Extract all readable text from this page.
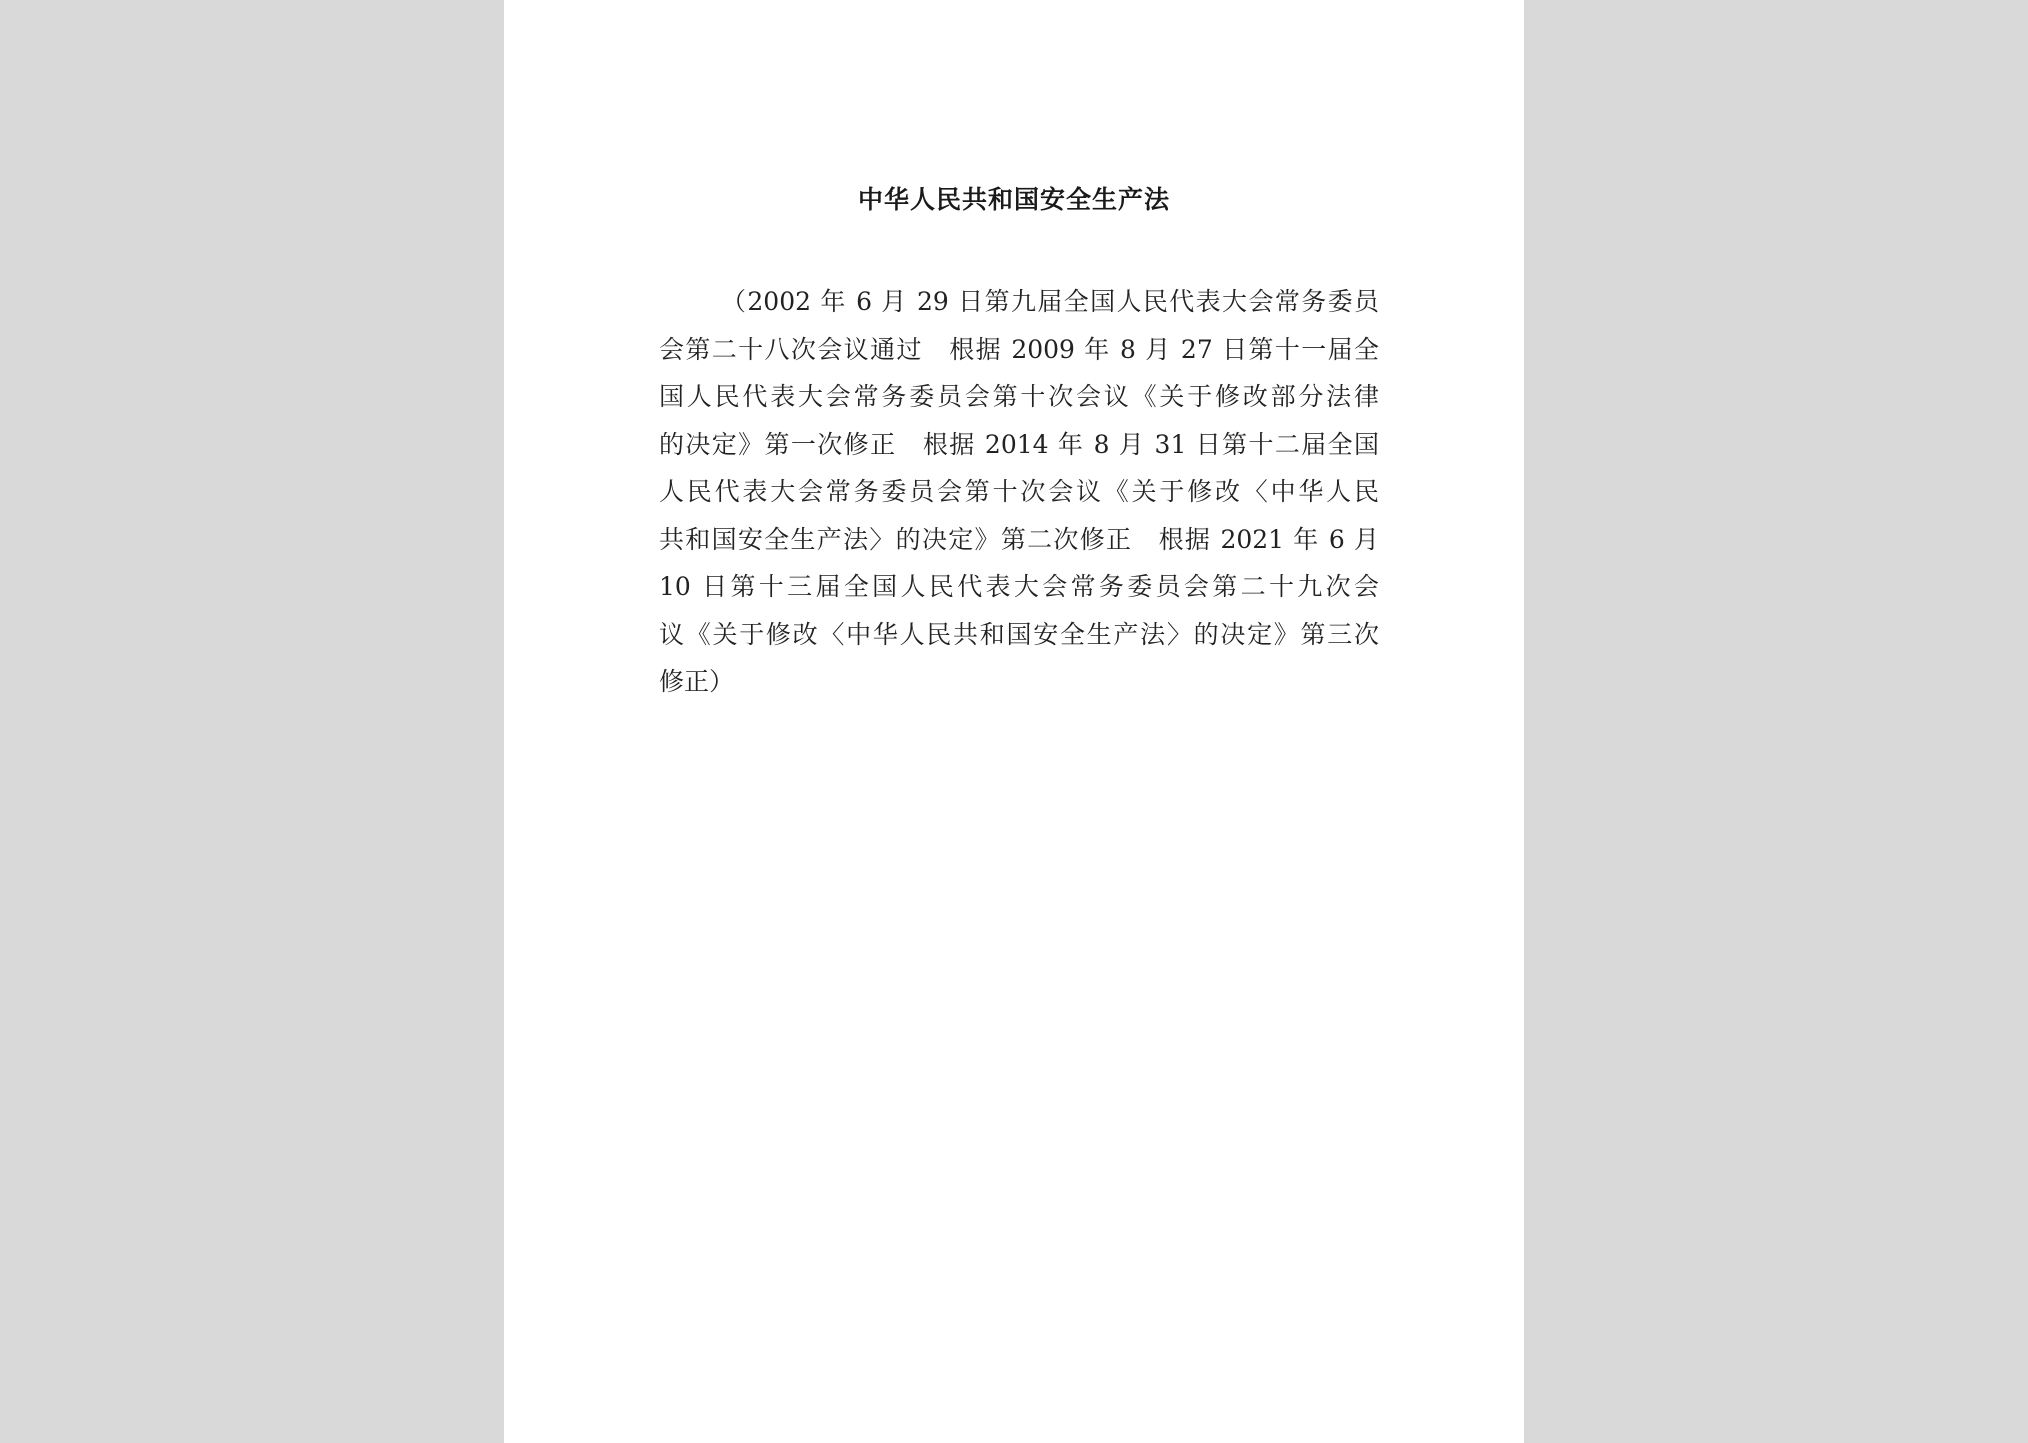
中华人民共和国安全生产法
（2002 年 6 月 29 日第九届全国人民代表大会常务委员
会第二十八次会议通过　根据 2009 年 8 月 27 日第十一届全
国人民代表大会常务委员会第十次会议《关于修改部分法律
的决定》第一次修正　根据 2014 年 8 月 31 日第十二届全国
人民代表大会常务委员会第十次会议《关于修改〈中华人民
共和国安全生产法〉的决定》第二次修正　根据 2021 年 6 月
10 日第十三届全国人民代表大会常务委员会第二十九次会
议《关于修改〈中华人民共和国安全生产法〉的决定》第三次
修正）
